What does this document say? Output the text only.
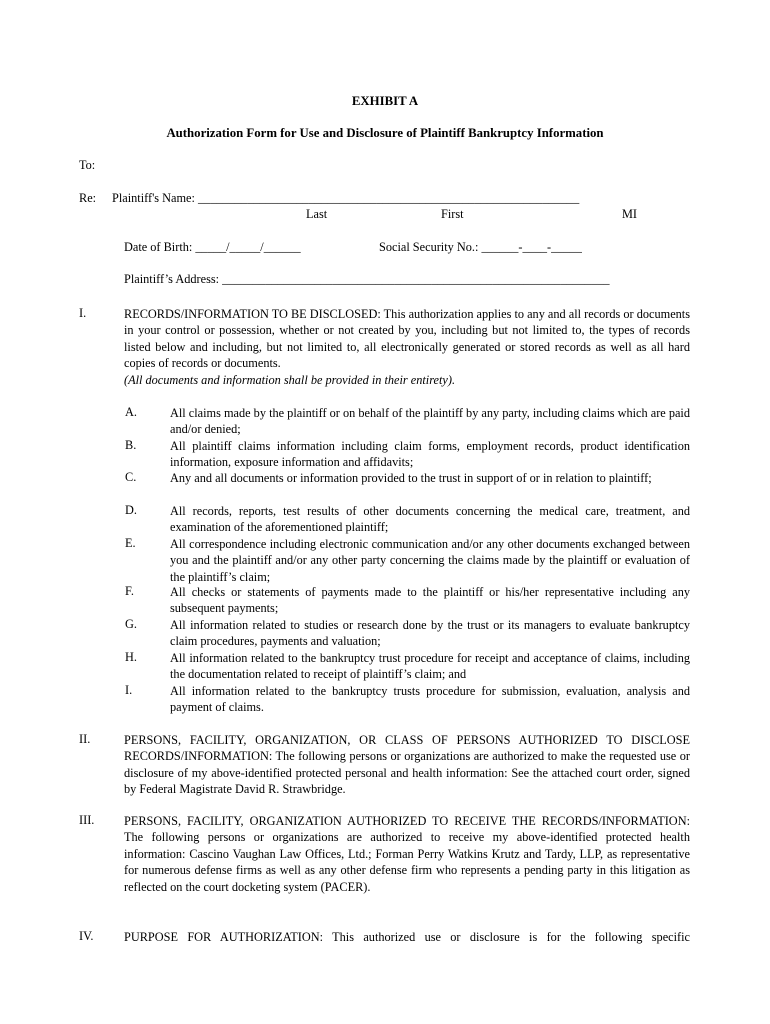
EXHIBIT A
Authorization Form for Use and Disclosure of Plaintiff Bankruptcy Information
To:
Re: Plaintiff's Name: ______________________________________________________________
Last	First	MI
Date of Birth: _____/_____/______	Social Security No.: ______-____-_____
Plaintiff’s Address: _______________________________________________________________
I.	RECORDS/INFORMATION TO BE DISCLOSED: This authorization applies to any and all records or documents in your control or possession, whether or not created by you, including but not limited to, the types of records listed below and including, but not limited to, all electronically generated or stored records as well as all hard copies of records or documents.
(All documents and information shall be provided in their entirety).

A.	All claims made by the plaintiff or on behalf of the plaintiff by any party, including claims which are paid and/or denied;

B.	All plaintiff claims information including claim forms, employment records, product identification information, exposure information and affidavits;

C.	Any and all documents or information provided to the trust in support of or in relation to plaintiff;

D.	All records, reports, test results of other documents concerning the medical care, treatment, and examination of the aforementioned plaintiff;

E.	All correspondence including electronic communication and/or any other documents exchanged between you and the plaintiff and/or any other party concerning the claims made by the plaintiff or evaluation of the plaintiff’s claim;

F.	All checks or statements of payments made to the plaintiff or his/her representative including any subsequent payments;

G.	All information related to studies or research done by the trust or its managers to evaluate bankruptcy claim procedures, payments and valuation;

H.	All information related to the bankruptcy trust procedure for receipt and acceptance of claims, including the documentation related to receipt of plaintiff’s claim; and

I.	All information related to the bankruptcy trusts procedure for submission, evaluation, analysis and payment of claims.

II.	PERSONS, FACILITY, ORGANIZATION, OR CLASS OF PERSONS AUTHORIZED TO DISCLOSE RECORDS/INFORMATION: The following persons or organizations are authorized to make the requested use or disclosure of my above-identified protected personal and health information: See the attached court order, signed by Federal Magistrate David R. Strawbridge.

III. PERSONS, FACILITY, ORGANIZATION AUTHORIZED TO RECEIVE THE RECORDS/INFORMATION: The following persons or organizations are authorized to receive my above-identified protected health information: Cascino Vaughan Law Offices, Ltd.; Forman Perry Watkins Krutz and Tardy, LLP, as representative for numerous defense firms as well as any other defense firm who represents a pending party in this litigation as reflected on the court docketing system (PACER).

IV. PURPOSE FOR AUTHORIZATION: This authorized use or disclosure is for the following specific
